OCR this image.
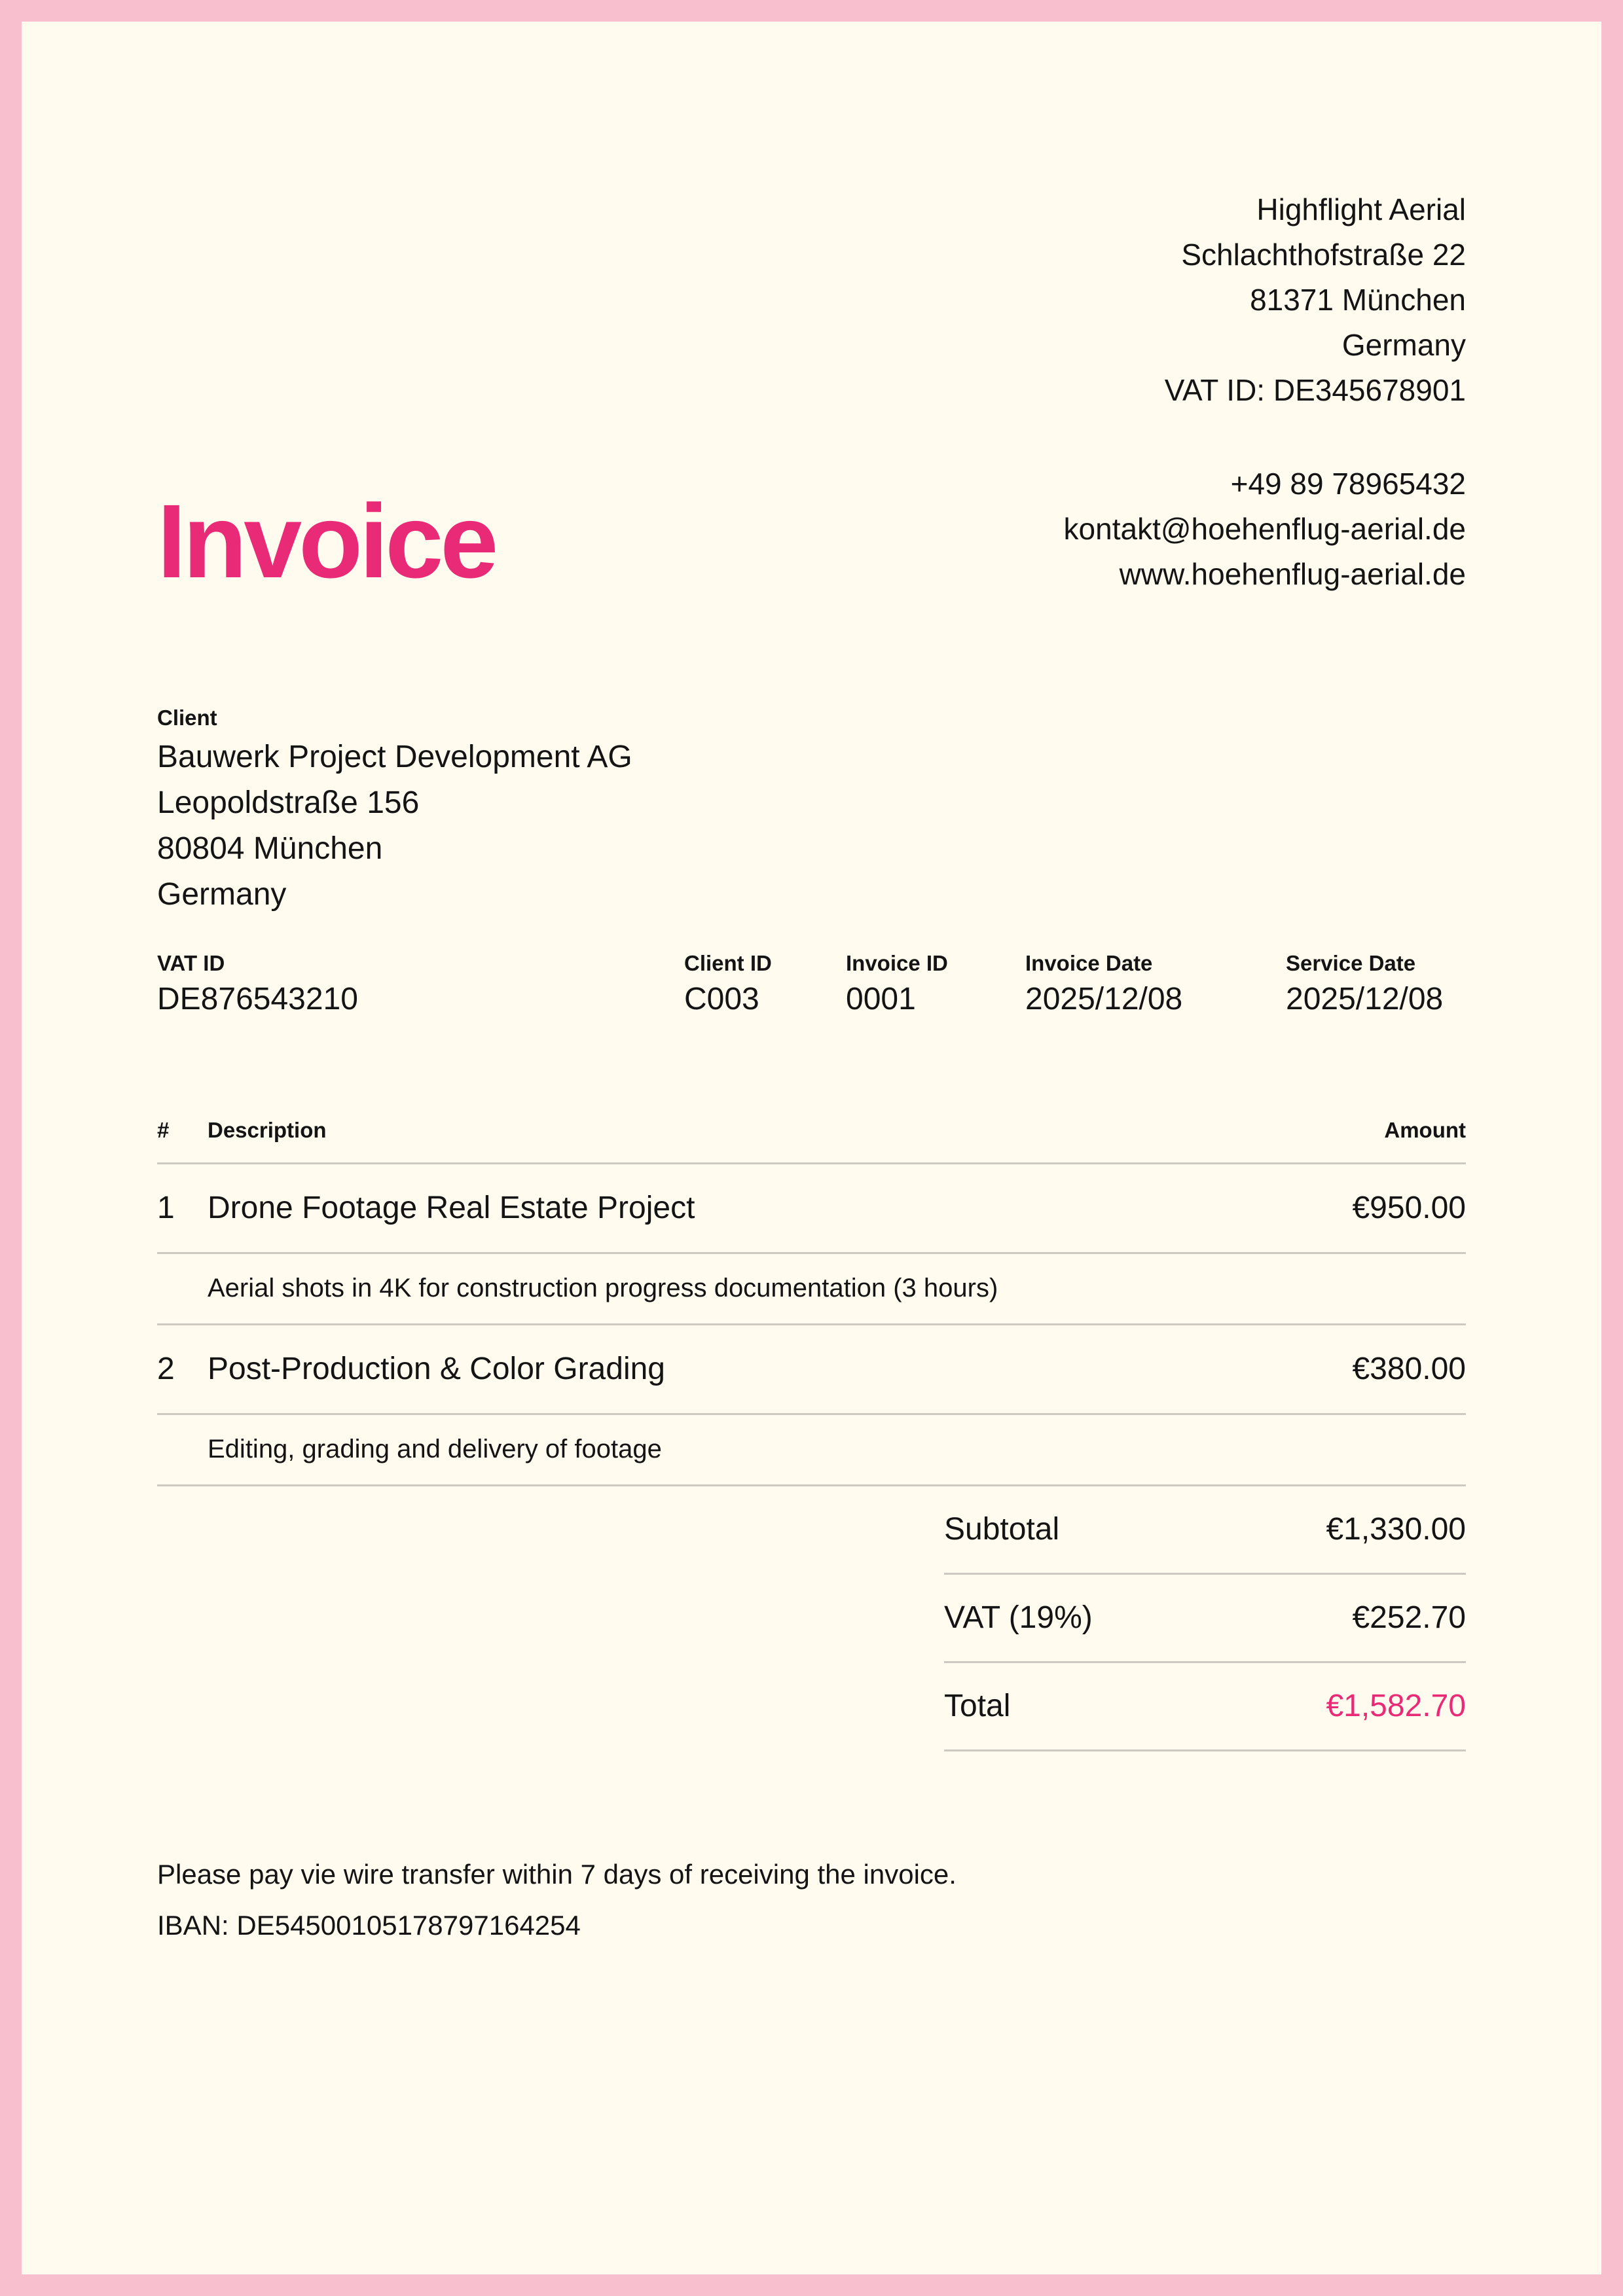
Highflight Aerial
Schlachthofstraße 22
81371 München
Germany
VAT ID: DE345678901
+49 89 78965432
kontakt@hoehenflug-aerial.de
www.hoehenflug-aerial.de
Invoice
Client
Bauwerk Project Development AG
Leopoldstraße 156
80804 München
Germany
VAT ID
DE876543210
Client ID
C003
Invoice ID
0001
Invoice Date
2025/12/08
Service Date
2025/12/08
#	Description	Amount
1	Drone Footage Real Estate Project	€950.00
Aerial shots in 4K for construction progress documentation (3 hours)
2	Post-Production & Color Grading	€380.00
Editing, grading and delivery of footage
Subtotal	€1,330.00
VAT (19%)	€252.70
Total	€1,582.70
Please pay vie wire transfer within 7 days of receiving the invoice.
IBAN: DE54500105178797164254
